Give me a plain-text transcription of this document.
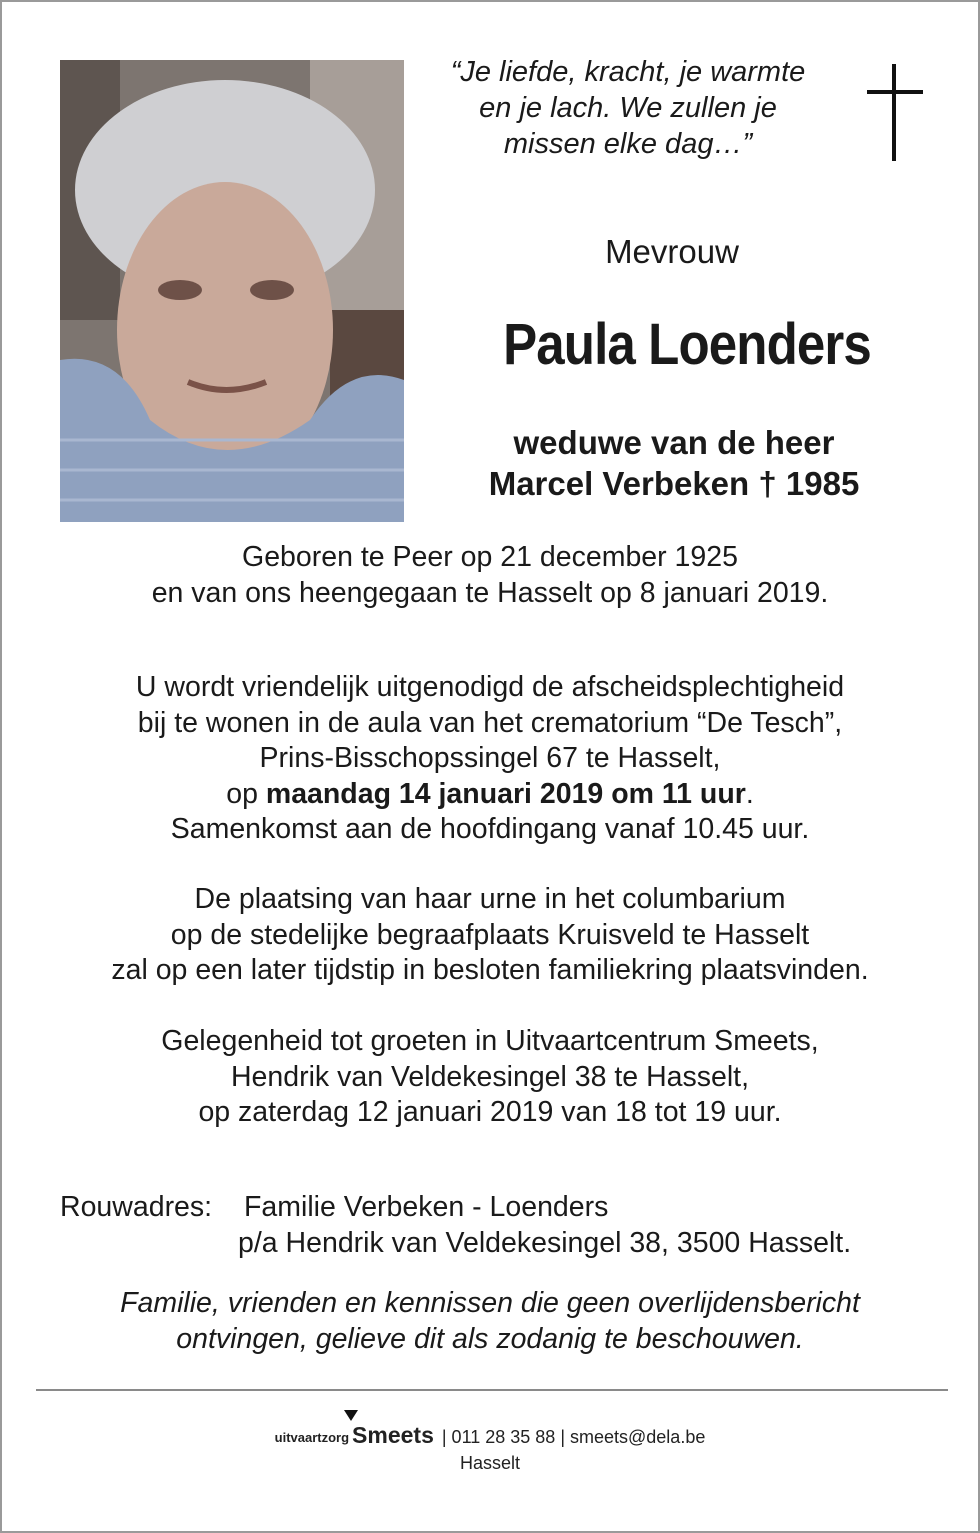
“Je liefde, kracht, je warmte
en je lach. We zullen je
missen elke dag…”
Mevrouw
Paula Loenders
weduwe van de heer
Marcel Verbeken † 1985
Geboren te Peer op 21 december 1925
en van ons heengegaan te Hasselt op 8 januari 2019.
U wordt vriendelijk uitgenodigd de afscheidsplechtigheid
bij te wonen in de aula van het crematorium “De Tesch”,
Prins-Bisschopssingel 67 te Hasselt,
op maandag 14 januari 2019 om 11 uur.
Samenkomst aan de hoofdingang vanaf 10.45 uur.
De plaatsing van haar urne in het columbarium
op de stedelijke begraafplaats Kruisveld te Hasselt
zal op een later tijdstip in besloten familiekring plaatsvinden.
Gelegenheid tot groeten in Uitvaartcentrum Smeets,
Hendrik van Veldekesingel 38 te Hasselt,
op zaterdag 12 januari 2019 van 18 tot 19 uur.
Rouwadres: Familie Verbeken - Loenders
p/a Hendrik van Veldekesingel 38, 3500 Hasselt.
Familie, vrienden en kennissen die geen overlijdensbericht
ontvingen, gelieve dit als zodanig te beschouwen.
uitvaartzorg Smeets | 011 28 35 88 | smeets@dela.be
Hasselt
